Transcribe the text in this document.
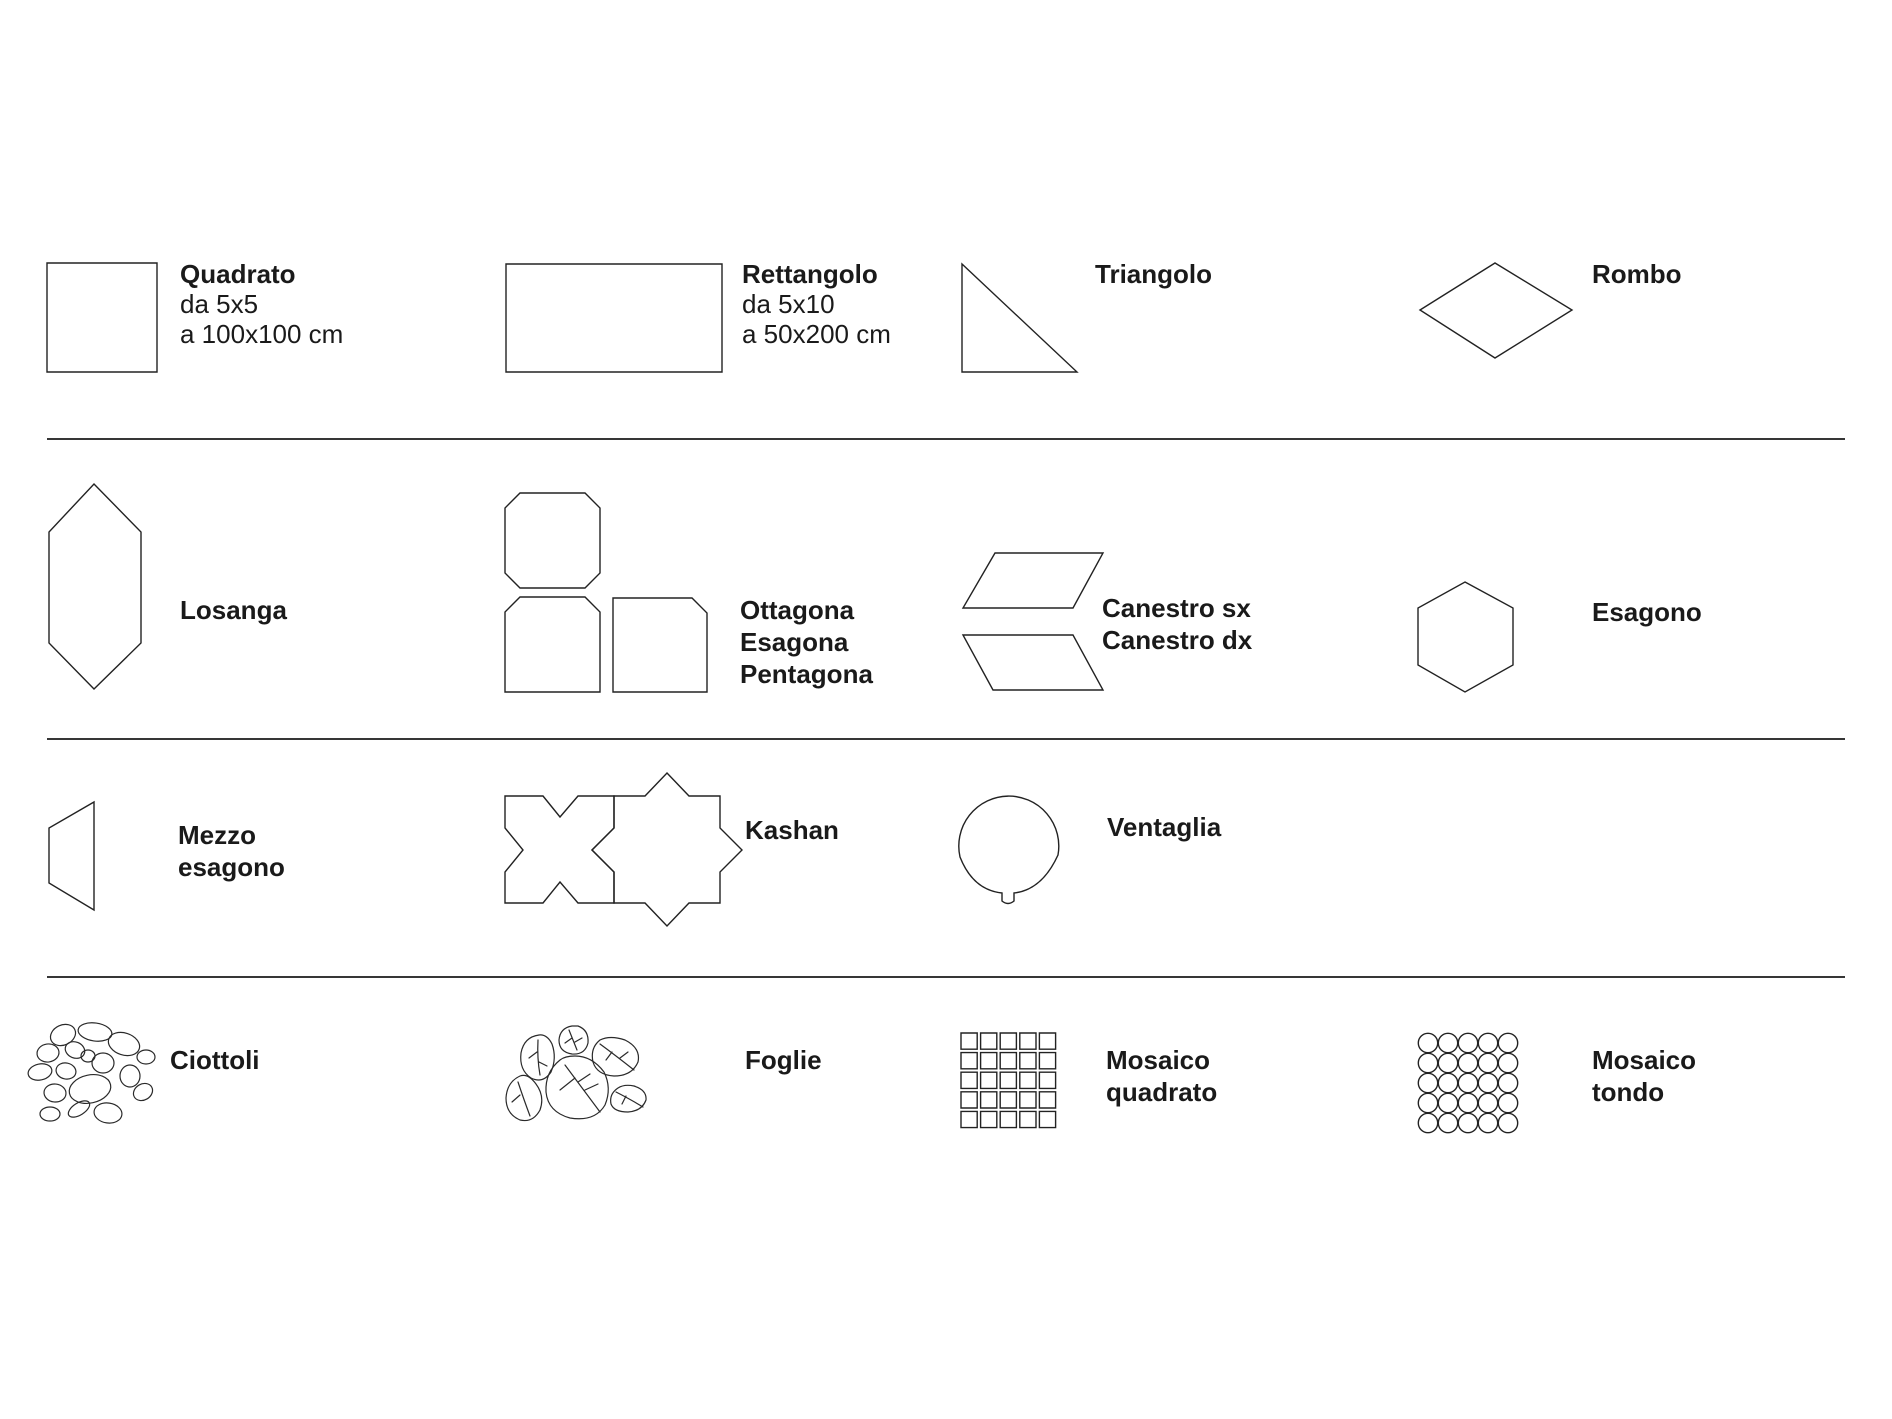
Quadrato
da 5x5
a 100x100 cm
Rettangolo
da 5x10
a 50x200 cm
Triangolo	Rombo
Losanga	Ottagona
Esagona
Pentagona
Canestro sx
Canestro dx
Esagono
Mezzo
esagono
Kashan	Ventaglia
Ciottoli	Foglie	Mosaico
quadrato
Mosaico
tondo
